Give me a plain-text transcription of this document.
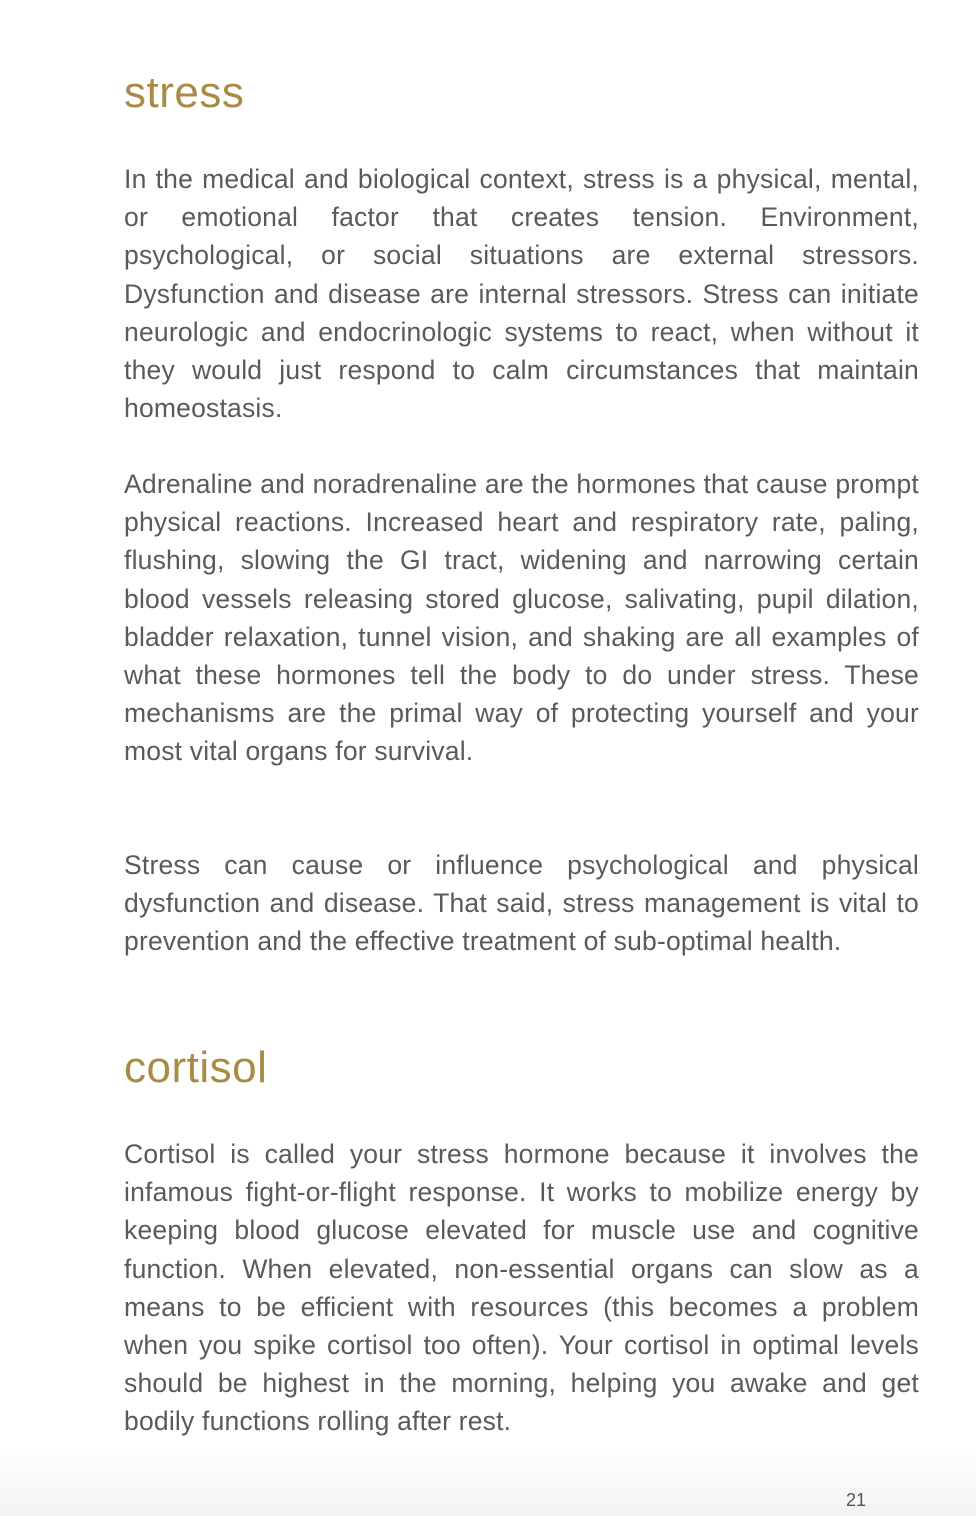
stress

In the medical and biological context, stress is a physical, mental, or emotional factor that creates tension. Environment, psychological, or social situations are external stressors. Dysfunction and disease are internal stressors. Stress can initiate neurologic and endocrinologic systems to react, when without it they would just respond to calm circumstances that maintain homeostasis.

Adrenaline and noradrenaline are the hormones that cause prompt physical reactions. Increased heart and respiratory rate, paling, flushing, slowing the GI tract, widening and narrowing certain blood vessels releasing stored glucose, salivating, pupil dilation, bladder relaxation, tunnel vision, and shaking are all examples of what these hormones tell the body to do under stress. These mechanisms are the primal way of protecting yourself and your most vital organs for survival.

Stress can cause or influence psychological and physical dysfunction and disease. That said, stress management is vital to prevention and the effective treatment of sub-optimal health.

cortisol

Cortisol is called your stress hormone because it involves the infamous fight-or-flight response. It works to mobilize energy by keeping blood glucose elevated for muscle use and cognitive function. When elevated, non-essential organs can slow as a means to be efficient with resources (this becomes a problem when you spike cortisol too often). Your cortisol in optimal levels should be highest in the morning, helping you awake and get bodily functions rolling after rest.

21
